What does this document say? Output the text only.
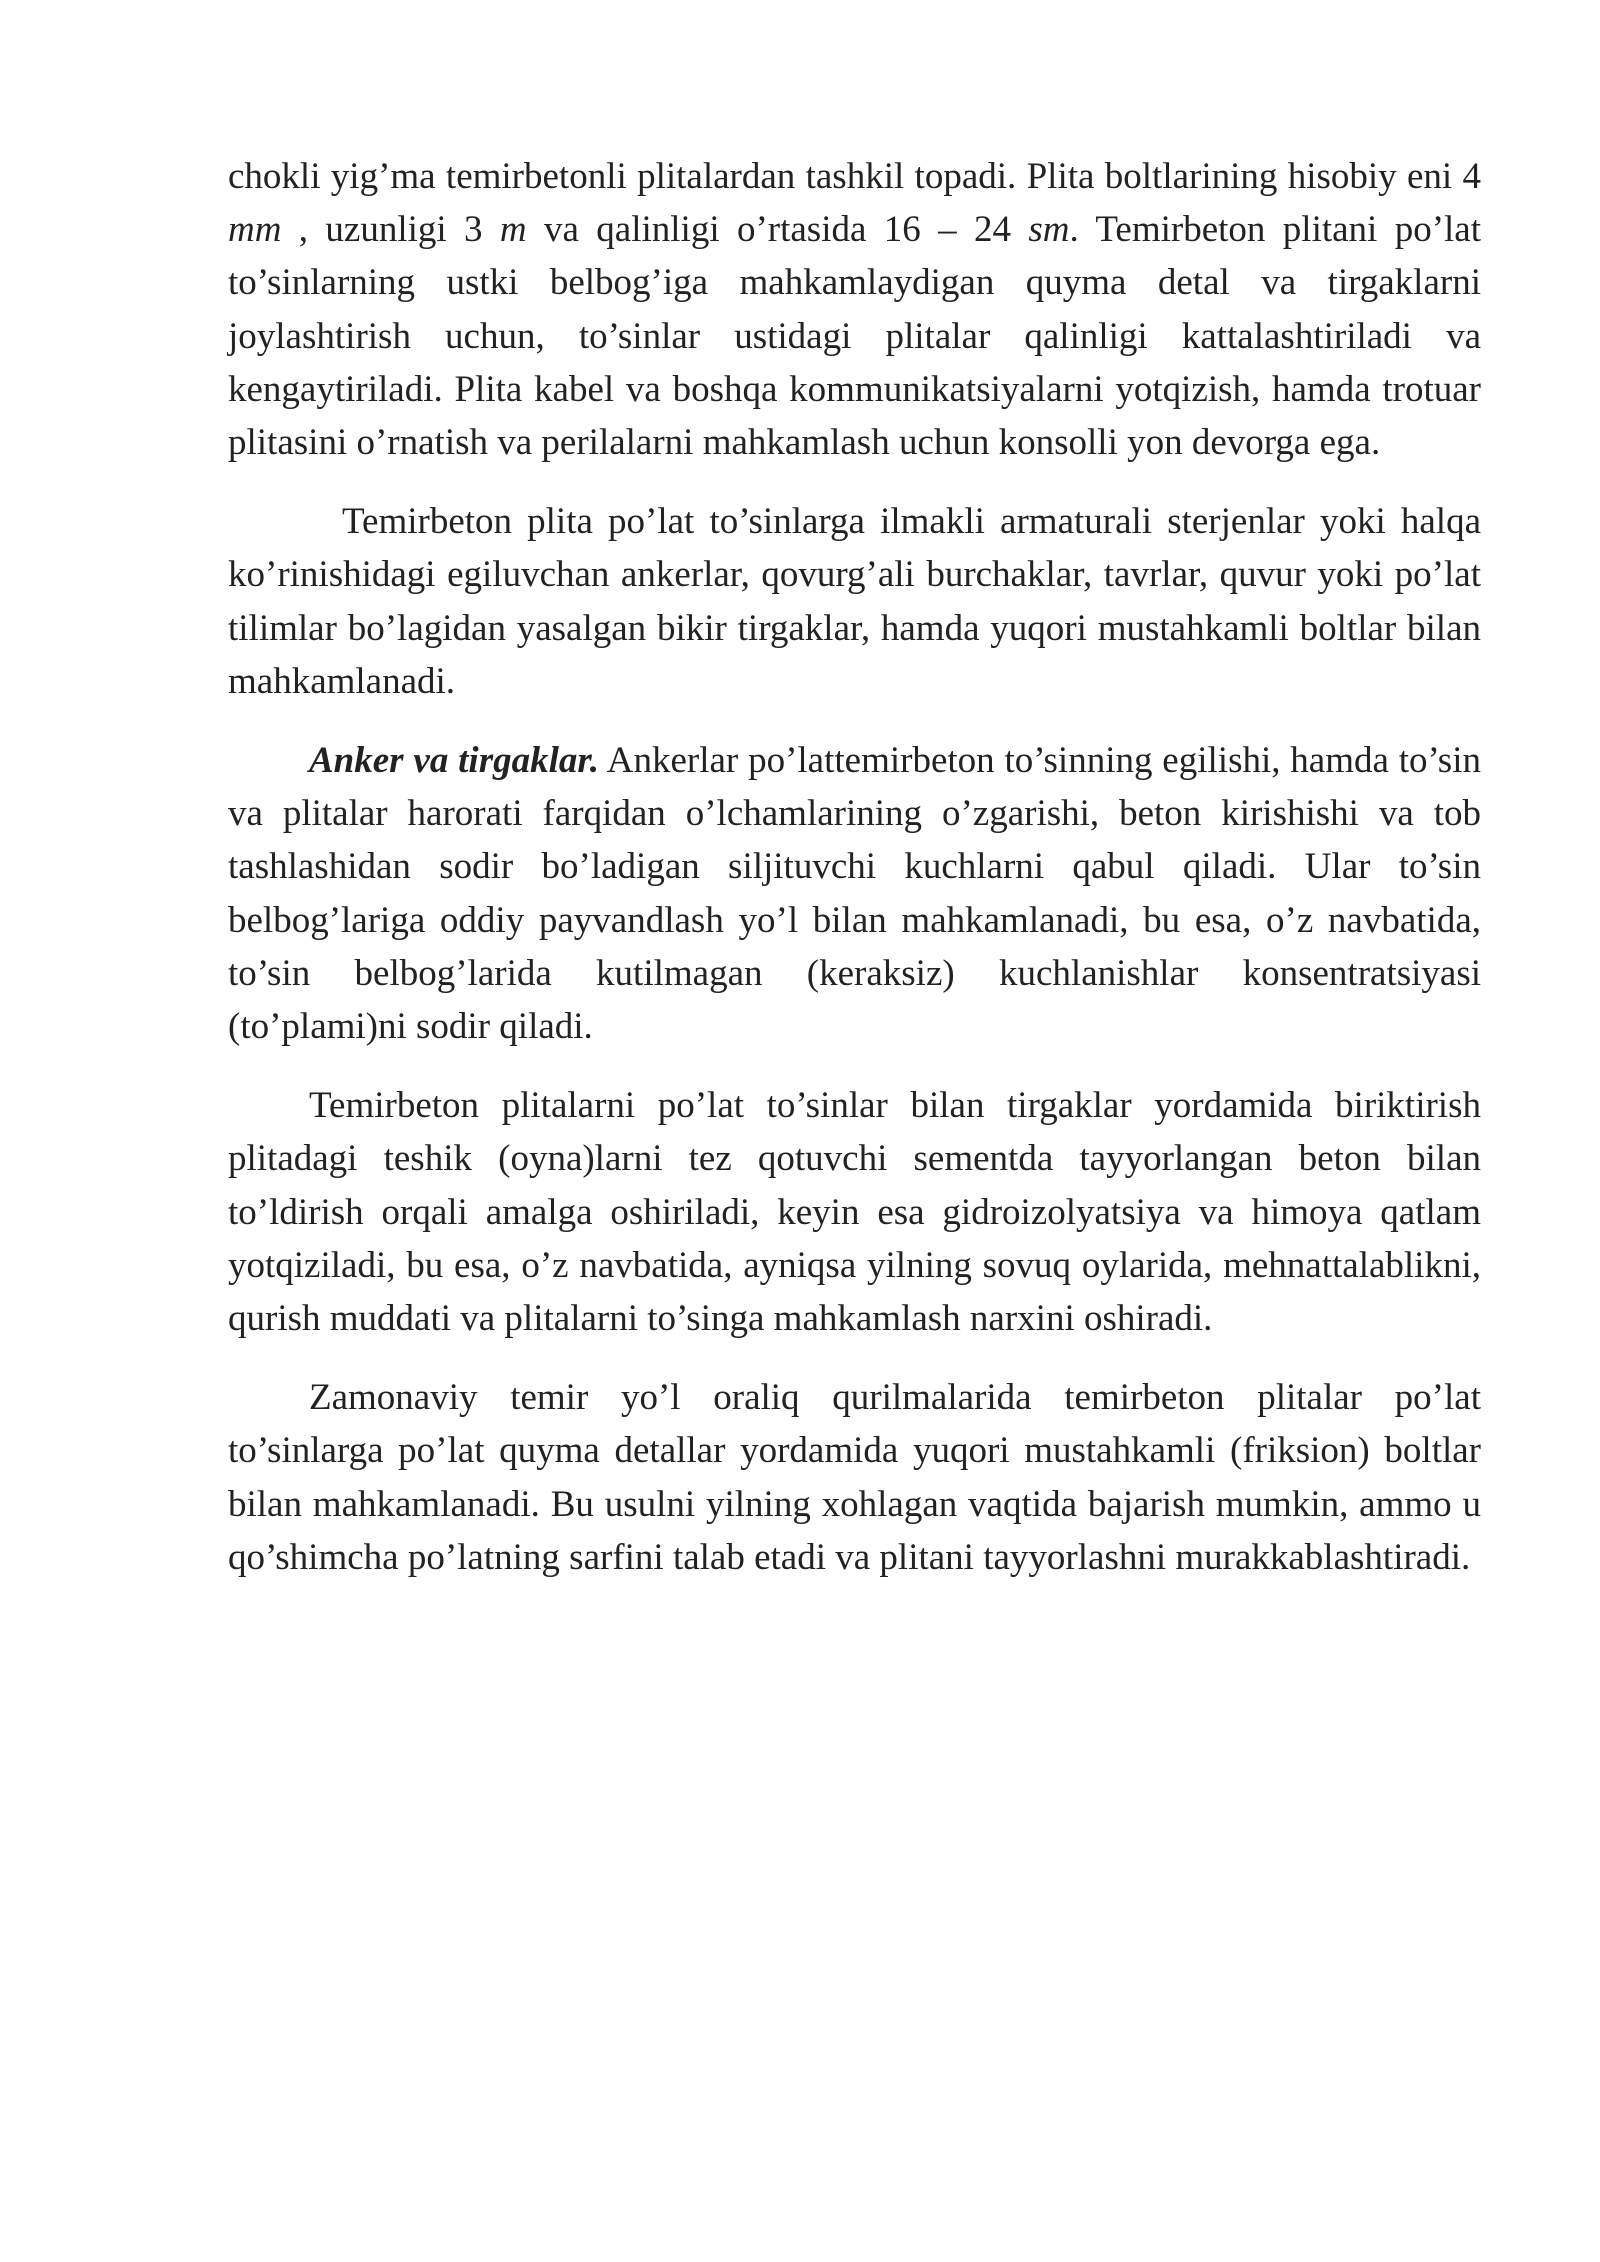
chokli yig’ma temirbetonli plitalardan tashkil topadi. Plita boltlarining hisobiy eni 4 mm , uzunligi 3 m va qalinligi o’rtasida 16 – 24 sm. Temirbeton plitani po’lat to’sinlarning ustki belbog’iga mahkamlaydigan quyma detal va tirgaklarni joylashtirish uchun, to’sinlar ustidagi plitalar qalinligi kattalashtiriladi va kengaytiriladi. Plita kabel va boshqa kommunikatsiyalarni yotqizish, hamda trotuar plitasini o’rnatish va perilalarni mahkamlash uchun konsolli yon devorga ega.

Temirbeton plita po’lat to’sinlarga ilmakli armaturali sterjenlar yoki halqa ko’rinishidagi egiluvchan ankerlar, qovurg’ali burchaklar, tavrlar, quvur yoki po’lat tilimlar bo’lagidan yasalgan bikir tirgaklar, hamda yuqori mustahkamli boltlar bilan mahkamlanadi.

Anker va tirgaklar. Ankerlar po’lattemirbeton to’sinning egilishi, hamda to’sin va plitalar harorati farqidan o’lchamlarining o’zgarishi, beton kirishishi va tob tashlashidan sodir bo’ladigan siljituvchi kuchlarni qabul qiladi. Ular to’sin belbog’lariga oddiy payvandlash yo’l bilan mahkamlanadi, bu esa, o’z navbatida, to’sin belbog’larida kutilmagan (keraksiz) kuchlanishlar konsentratsiyasi (to’plami)ni sodir qiladi.

Temirbeton plitalarni po’lat to’sinlar bilan tirgaklar yordamida biriktirish plitadagi teshik (oyna)larni tez qotuvchi sementda tayyorlangan beton bilan to’ldirish orqali amalga oshiriladi, keyin esa gidroizolyatsiya va himoya qatlam yotqiziladi, bu esa, o’z navbatida, ayniqsa yilning sovuq oylarida, mehnattalablikni, qurish muddati va plitalarni to’singa mahkamlash narxini oshiradi.

Zamonaviy temir yo’l oraliq qurilmalarida temirbeton plitalar po’lat to’sinlarga po’lat quyma detallar yordamida yuqori mustahkamli (friksion) boltlar bilan mahkamlanadi. Bu usulni yilning xohlagan vaqtida bajarish mumkin, ammo u qo’shimcha po’latning sarfini talab etadi va plitani tayyorlashni murakkablashtiradi.
